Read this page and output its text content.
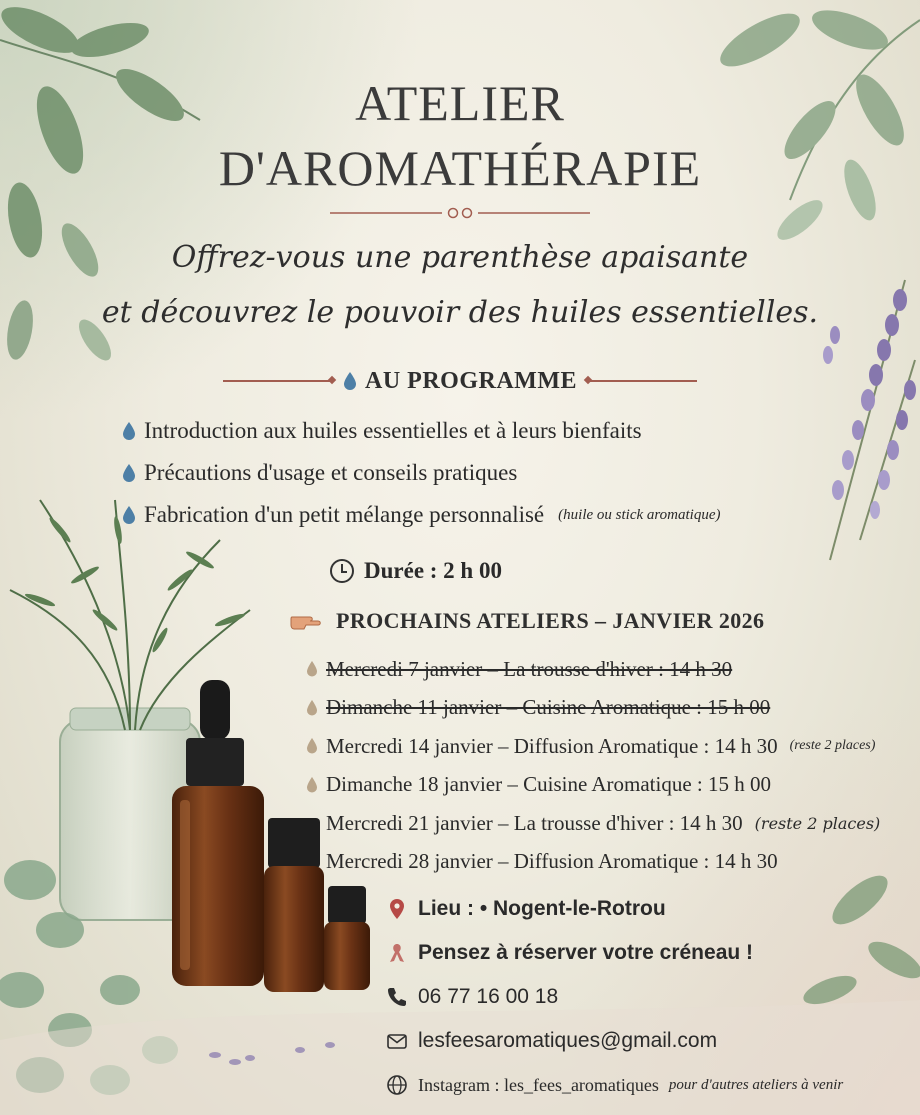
ATELIER
D'AROMATHÉRAPIE
Offrez-vous une parenthèse apaisante
et découvrez le pouvoir des huiles essentielles.
AU PROGRAMME
Introduction aux huiles essentielles et à leurs bienfaits
Précautions d'usage et conseils pratiques
Fabrication d'un petit mélange personnalisé (huile ou stick aromatique)
Durée : 2 h 00
PROCHAINS ATELIERS – JANVIER 2026
Mercredi 7 janvier – La trousse d'hiver : 14 h 30
Dimanche 11 janvier – Cuisine Aromatique : 15 h 00
Mercredi 14 janvier – Diffusion Aromatique : 14 h 30 (reste 2 places)
Dimanche 18 janvier – Cuisine Aromatique : 15 h 00
Mercredi 21 janvier – La trousse d'hiver : 14 h 30 (reste 2 places)
Mercredi 28 janvier – Diffusion Aromatique : 14 h 30
Lieu : • Nogent-le-Rotrou
Pensez à réserver votre créneau !
06 77 16 00 18
lesfeesaromatiques@gmail.com
Instagram : les_fees_aromatiques pour d'autres ateliers à venir
